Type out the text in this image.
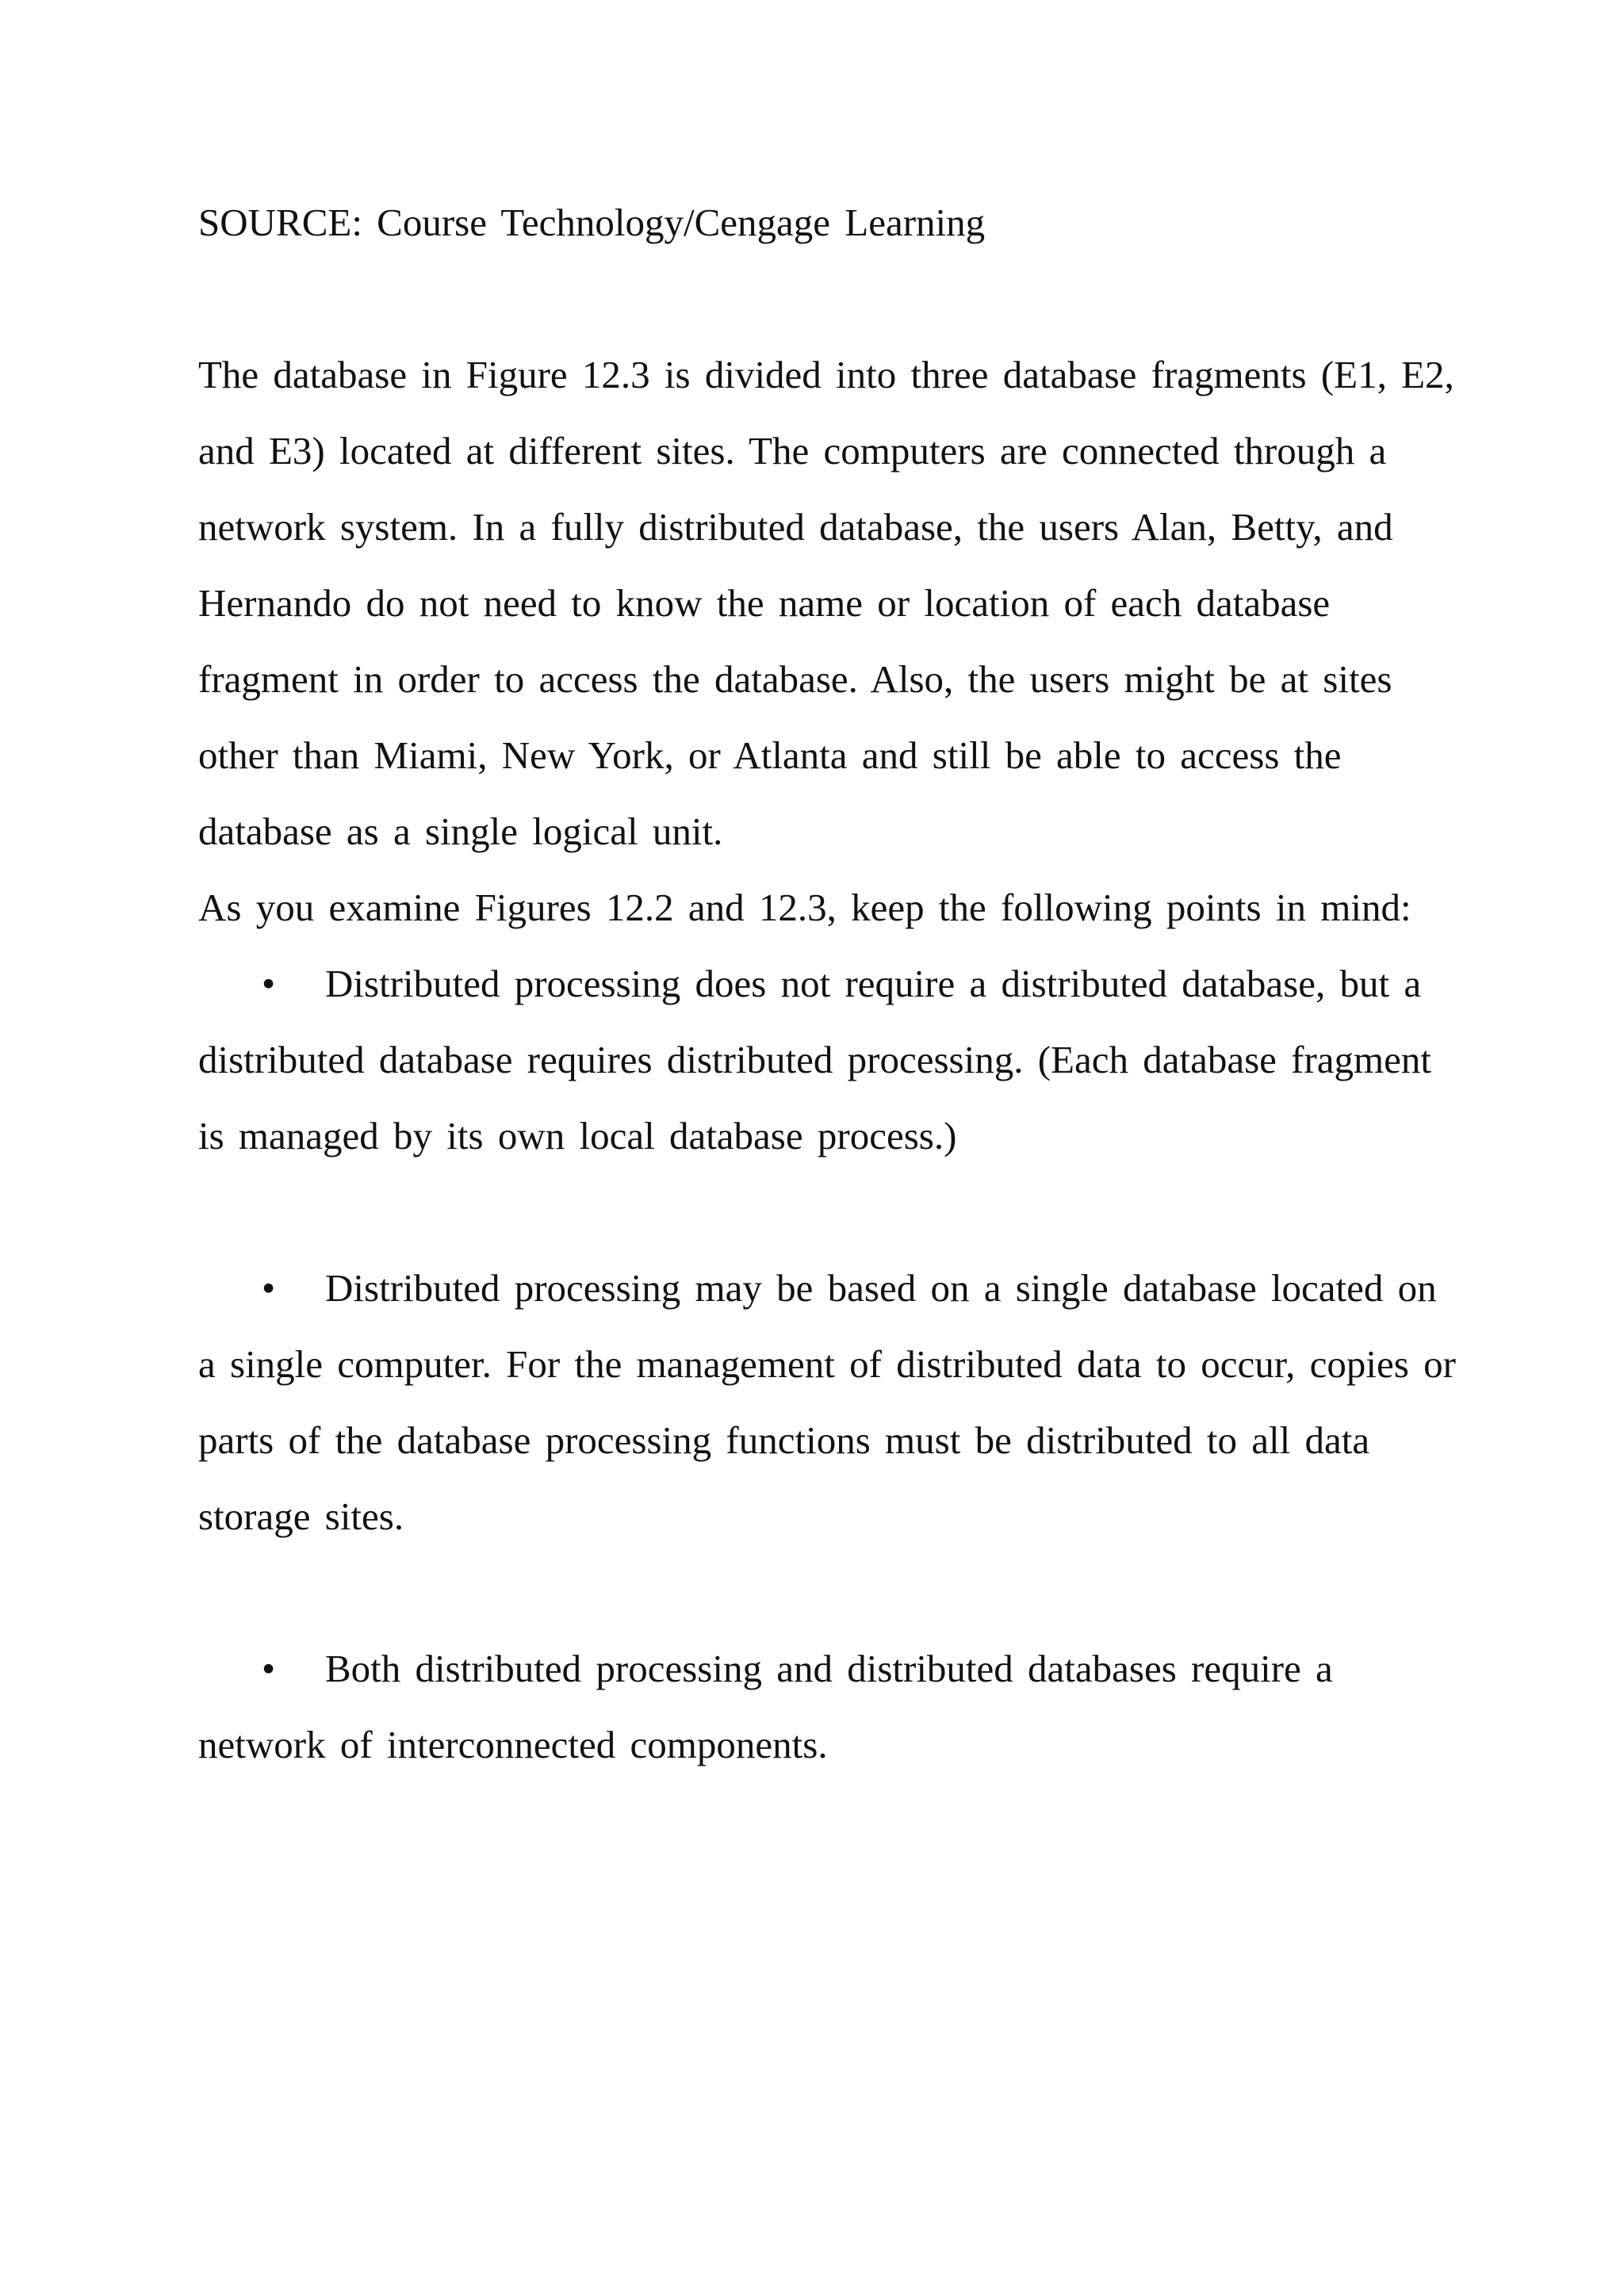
SOURCE: Course Technology/Cengage Learning

The database in Figure 12.3 is divided into three database fragments (E1, E2, and E3) located at different sites. The computers are connected through a network system. In a fully distributed database, the users Alan, Betty, and Hernando do not need to know the name or location of each database fragment in order to access the database. Also, the users might be at sites other than Miami, New York, or Atlanta and still be able to access the database as a single logical unit.

As you examine Figures 12.2 and 12.3, keep the following points in mind:

• Distributed processing does not require a distributed database, but a distributed database requires distributed processing. (Each database fragment is managed by its own local database process.)
• Distributed processing may be based on a single database located on a single computer. For the management of distributed data to occur, copies or parts of the database processing functions must be distributed to all data storage sites.
• Both distributed processing and distributed databases require a network of interconnected components.
